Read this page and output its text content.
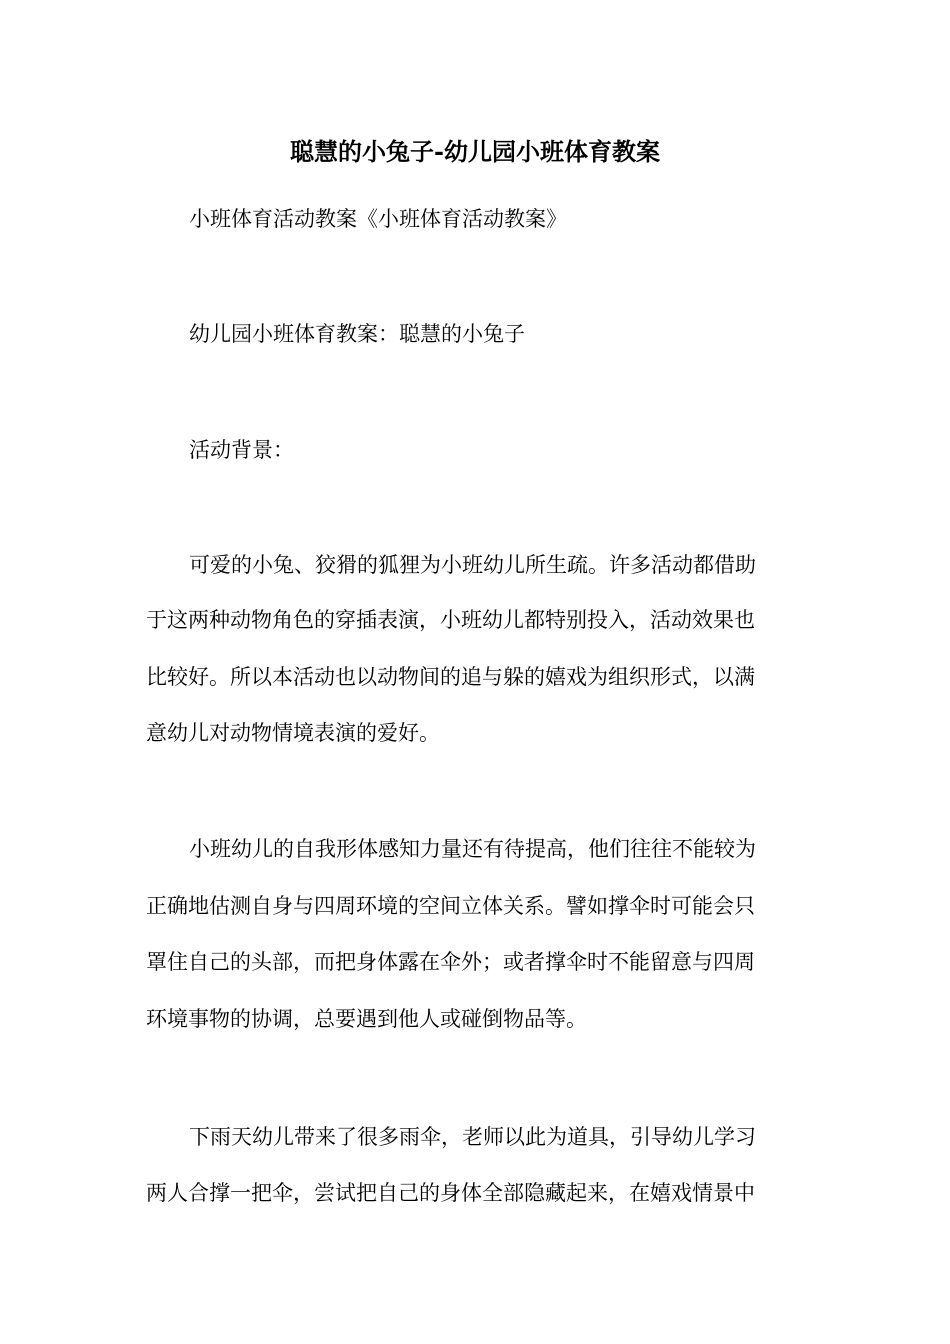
聪慧的小兔子-幼儿园小班体育教案
小班体育活动教案《小班体育活动教案》
幼儿园小班体育教案：聪慧的小兔子
活动背景：
可爱的小兔、狡猾的狐狸为小班幼儿所生疏。许多活动都借助
于这两种动物角色的穿插表演，小班幼儿都特别投入，活动效果也
比较好。所以本活动也以动物间的追与躲的嬉戏为组织形式，以满
意幼儿对动物情境表演的爱好。
小班幼儿的自我形体感知力量还有待提高，他们往往不能较为
正确地估测自身与四周环境的空间立体关系。譬如撑伞时可能会只
罩住自己的头部，而把身体露在伞外；或者撑伞时不能留意与四周
环境事物的协调，总要遇到他人或碰倒物品等。
下雨天幼儿带来了很多雨伞，老师以此为道具，引导幼儿学习
两人合撑一把伞，尝试把自己的身体全部隐藏起来，在嬉戏情景中
